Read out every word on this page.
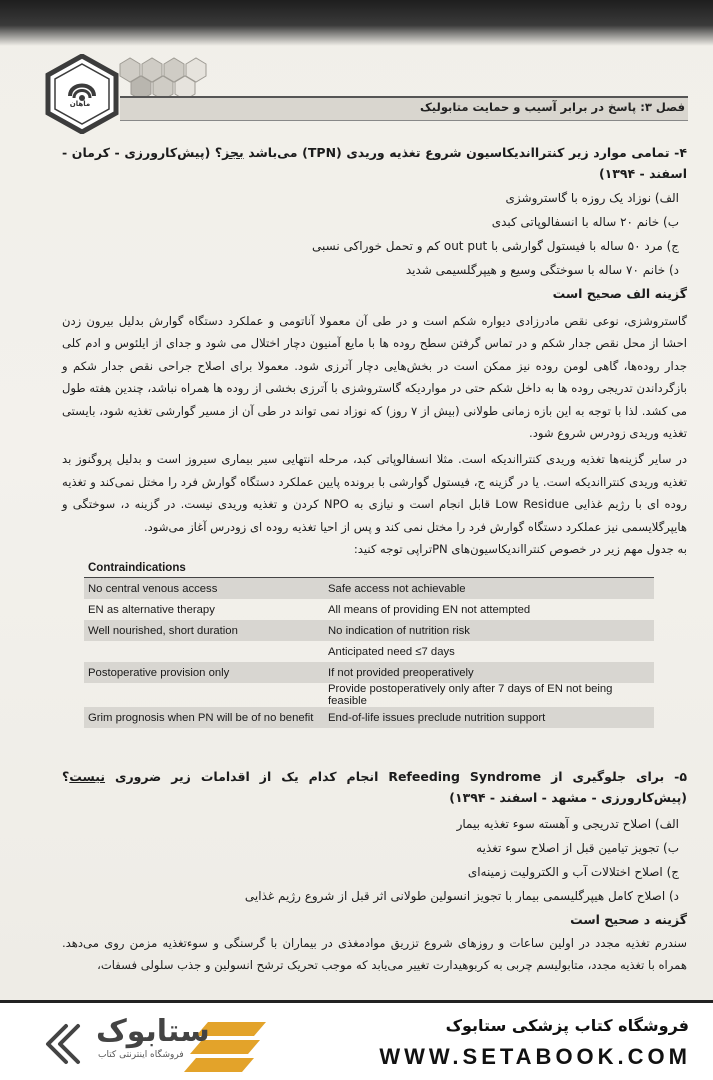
ماهان	فصل ۳: پاسخ در برابر آسیب و حمایت متابولیک
۴- تمامی موارد زیر کنترااندیکاسیون شروع تغذیه وریدی (TPN) می‌باشد بجز؟ (پیش‌کارورزی - کرمان - اسفند - ۱۳۹۴)
الف) نوزاد یک روزه با گاستروشزی
ب) خانم ۲۰ ساله با انسفالوپاتی کبدی
ج) مرد ۵۰ ساله با فیستول گوارشی با out put کم و تحمل خوراکی نسبی
د) خانم ۷۰ ساله با سوختگی وسیع و هیپرگلسیمی شدید
گزینه الف صحیح است
گاستروشزی، نوعی نقص مادرزادی دیواره شکم است و در طی آن معمولا آناتومی و عملکرد دستگاه گوارش بدلیل بیرون زدن احشا از محل نقص جدار شکم و در تماس گرفتن سطح روده ها با مایع آمنیون دچار اختلال می شود و جدای از ایلئوس و ادم کلی جدار روده‌ها، گاهی لومن روده نیز ممکن است در بخش‌هایی دچار آترزی شود. معمولا برای اصلاح جراحی نقص جدار شکم و بازگرداندن تدریجی روده ها به داخل شکم حتی در مواردیکه گاستروشزی با آترزی بخشی از روده ها همراه نباشد، چندین هفته طول می کشد. لذا با توجه به این بازه زمانی طولانی (بیش از ۷ روز) که نوزاد نمی تواند در طی آن از مسیر گوارشی تغذیه شود، بایستی تغذیه وریدی زودرس شروع شود.
در سایر گزینه‌ها تغذیه وریدی کنترااندیکه است. مثلا انسفالوپاتی کبد، مرحله انتهایی سیر بیماری سیروز است و بدلیل پروگنوز بد تغذیه وریدی کنترااندیکه است. یا در گزینه ج، فیستول گوارشی با برونده پایین عملکرد دستگاه گوارش فرد را مختل نمی‌کند و تغذیه روده ای با رژیم غذایی Low Residue قابل انجام است و نیازی به NPO کردن و تغذیه وریدی نیست. در گزینه د، سوختگی و هایپرگلایسمی نیز عملکرد دستگاه گوارش فرد را مختل نمی کند و پس از احیا تغذیه روده ای زودرس آغاز می‌شود.
به جدول مهم زیر در خصوص کنترااندیکاسیون‌های PNتراپی توجه کنید:
Contraindications	
No central venous access	Safe access not achievable
EN as alternative therapy	All means of providing EN not attempted
Well nourished, short duration	No indication of nutrition risk
	Anticipated need ≤7 days
Postoperative provision only	If not provided preoperatively
	Provide postoperatively only after 7 days of EN not being feasible
Grim prognosis when PN will be of no benefit	End-of-life issues preclude nutrition support
۵- برای جلوگیری از Refeeding Syndrome انجام کدام یک از اقدامات زیر ضروری نیست؟ (پیش‌کارورزی - مشهد - اسفند - ۱۳۹۴)
الف) اصلاح تدریجی و آهسته سوء تغذیه بیمار
ب) تجویز تیامین قبل از اصلاح سوء تغذیه
ج) اصلاح اختلالات آب و الکترولیت زمینه‌ای
د) اصلاح کامل هیپرگلیسمی بیمار با تجویز انسولین طولانی اثر قبل از شروع رژیم غذایی
گزینه د صحیح است
سندرم تغذیه مجدد در اولین ساعات و روزهای شروع تزریق موادمغذی در بیماران با گرسنگی و سوءتغذیه مزمن روی می‌دهد. همراه با تغذیه مجدد، متابولیسم چربی به کربوهیدارت تغییر می‌یابد که موجب تحریک ترشح انسولین و جذب سلولی فسفات،
ستابوک
فروشگاه اینترنتی کتاب
فروشگاه کتاب پزشکی ستابوک
WWW.SETABOOK.COM
